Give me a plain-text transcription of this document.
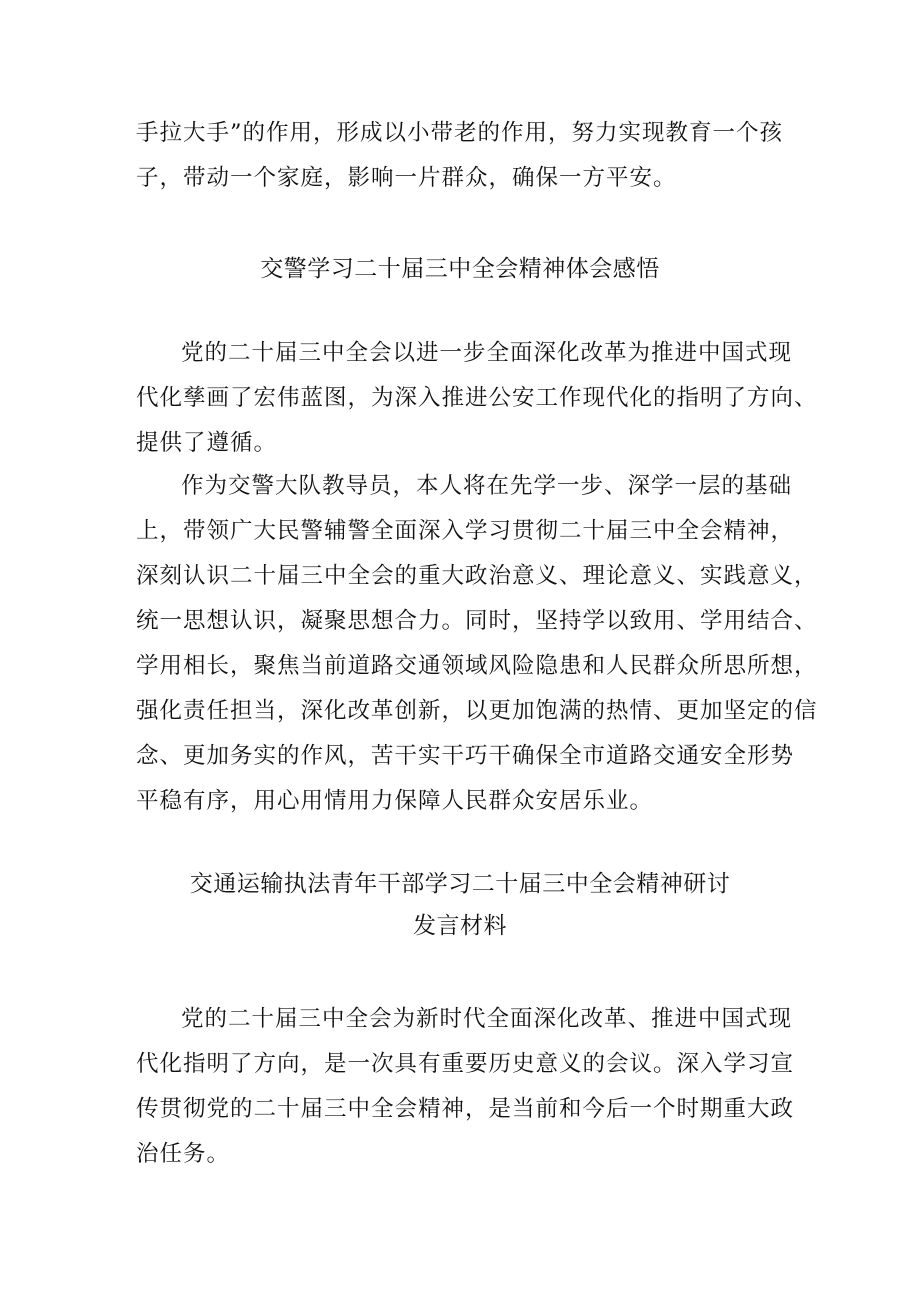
手拉大手”的作用，形成以小带老的作用，努力实现教育一个孩
子，带动一个家庭，影响一片群众，确保一方平安。
交警学习二十届三中全会精神体会感悟
党的二十届三中全会以进一步全面深化改革为推进中国式现
代化孳画了宏伟蓝图，为深入推进公安工作现代化的指明了方向、
提供了遵循。
作为交警大队教导员，本人将在先学一步、深学一层的基础
上，带领广大民警辅警全面深入学习贯彻二十届三中全会精神，
深刻认识二十届三中全会的重大政治意义、理论意义、实践意义，
统一思想认识，凝聚思想合力。同时，坚持学以致用、学用结合、
学用相长，聚焦当前道路交通领域风险隐患和人民群众所思所想，
强化责任担当，深化改革创新，以更加饱满的热情、更加坚定的信
念、更加务实的作风，苦干实干巧干确保全市道路交通安全形势
平稳有序，用心用情用力保障人民群众安居乐业。
交通运输执法青年干部学习二十届三中全会精神研讨
发言材料
党的二十届三中全会为新时代全面深化改革、推进中国式现
代化指明了方向，是一次具有重要历史意义的会议。深入学习宣
传贯彻党的二十届三中全会精神，是当前和今后一个时期重大政
治任务。
